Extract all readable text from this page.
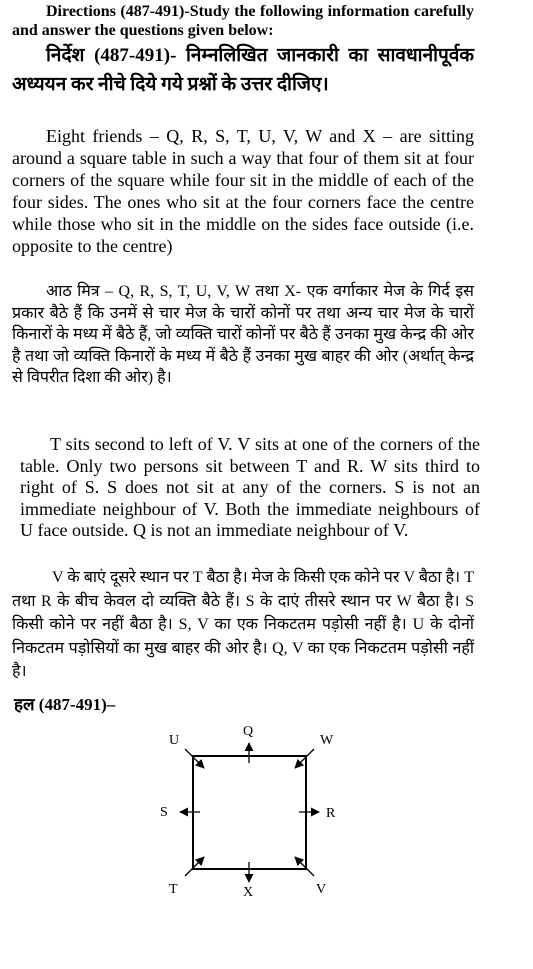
Directions (487-491)-Study the following information carefully and answer the questions given below:
निर्देश (487-491)- निम्नलिखित जानकारी का सावधानीपूर्वक अध्ययन कर नीचे दिये गये प्रश्नों के उत्तर दीजिए।
Eight friends – Q, R, S, T, U, V, W and X – are sitting around a square table in such a way that four of them sit at four corners of the square while four sit in the middle of each of the four sides. The ones who sit at the four corners face the centre while those who sit in the middle on the sides face outside (i.e. opposite to the centre)
आठ मित्र – Q, R, S, T, U, V, W तथा X- एक वर्गाकार मेज के गिर्द इस प्रकार बैठे हैं कि उनमें से चार मेज के चारों कोनों पर तथा अन्य चार मेज के चारों किनारों के मध्य में बैठे हैं, जो व्यक्ति चारों कोनों पर बैठे हैं उनका मुख केन्द्र की ओर है तथा जो व्यक्ति किनारों के मध्य में बैठे हैं उनका मुख बाहर की ओर (अर्थात् केन्द्र से विपरीत दिशा की ओर) है।
T sits second to left of V. V sits at one of the corners of the table. Only two persons sit between T and R. W sits third to right of S. S does not sit at any of the corners. S is not an immediate neighbour of V. Both the immediate neighbours of U face outside. Q is not an immediate neighbour of V.
V के बाएं दूसरे स्थान पर T बैठा है। मेज के किसी एक कोने पर V बैठा है। T तथा R के बीच केवल दो व्यक्ति बैठे हैं। S के दाएं तीसरे स्थान पर W बैठा है। S किसी कोने पर नहीं बैठा है। S, V का एक निकटतम पड़ोसी नहीं है। U के दोनों निकटतम पड़ोसियों का मुख बाहर की ओर है। Q, V का एक निकटतम पड़ोसी नहीं है।
हल (487-491)–
U
Q
W
S	R
T	X	V
